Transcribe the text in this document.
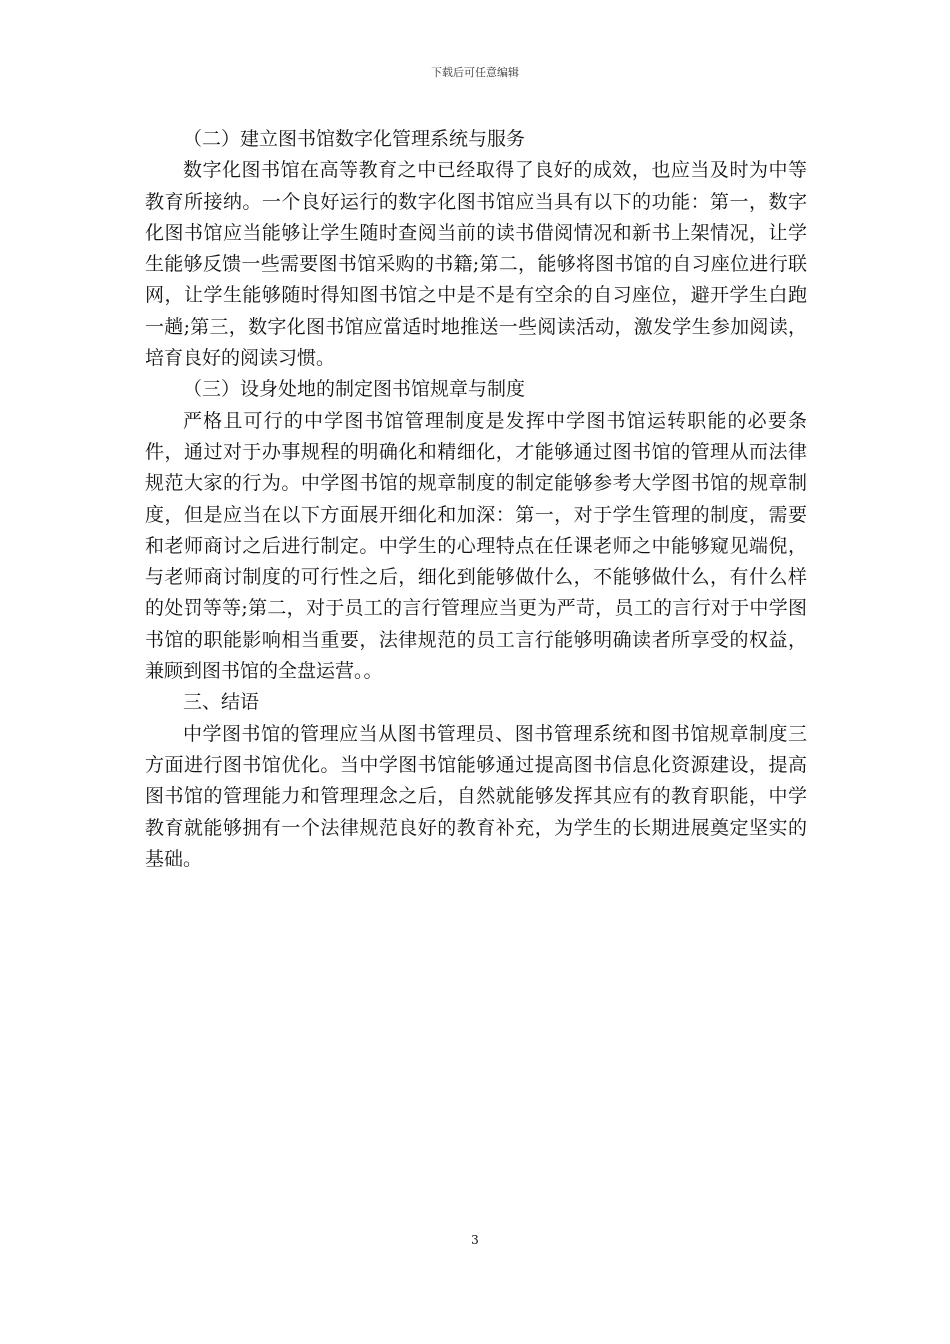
下载后可任意编辑

（二）建立图书馆数字化管理系统与服务

数字化图书馆在高等教育之中已经取得了良好的成效，也应当及时为中等教育所接纳。一个良好运行的数字化图书馆应当具有以下的功能：第一，数字化图书馆应当能够让学生随时查阅当前的读书借阅情况和新书上架情况，让学生能够反馈一些需要图书馆采购的书籍;第二，能够将图书馆的自习座位进行联网，让学生能够随时得知图书馆之中是不是有空余的自习座位，避开学生白跑一趟;第三，数字化图书馆应當适时地推送一些阅读活动，激发学生参加阅读，培育良好的阅读习惯。

（三）设身处地的制定图书馆规章与制度

严格且可行的中学图书馆管理制度是发挥中学图书馆运转职能的必要条件，通过对于办事规程的明确化和精细化，才能够通过图书馆的管理从而法律规范大家的行为。中学图书馆的规章制度的制定能够参考大学图书馆的规章制度，但是应当在以下方面展开细化和加深：第一，对于学生管理的制度，需要和老师商讨之后进行制定。中学生的心理特点在任课老师之中能够窥见端倪，与老师商讨制度的可行性之后，细化到能够做什么，不能够做什么，有什么样的处罚等等;第二，对于员工的言行管理应当更为严苛，员工的言行对于中学图书馆的职能影响相当重要，法律规范的员工言行能够明确读者所享受的权益，兼顾到图书馆的全盘运营。。

三、结语

中学图书馆的管理应当从图书管理员、图书管理系统和图书馆规章制度三方面进行图书馆优化。当中学图书馆能够通过提高图书信息化资源建设，提高图书馆的管理能力和管理理念之后，自然就能够发挥其应有的教育职能，中学教育就能够拥有一个法律规范良好的教育补充，为学生的长期进展奠定坚实的基础。

3
